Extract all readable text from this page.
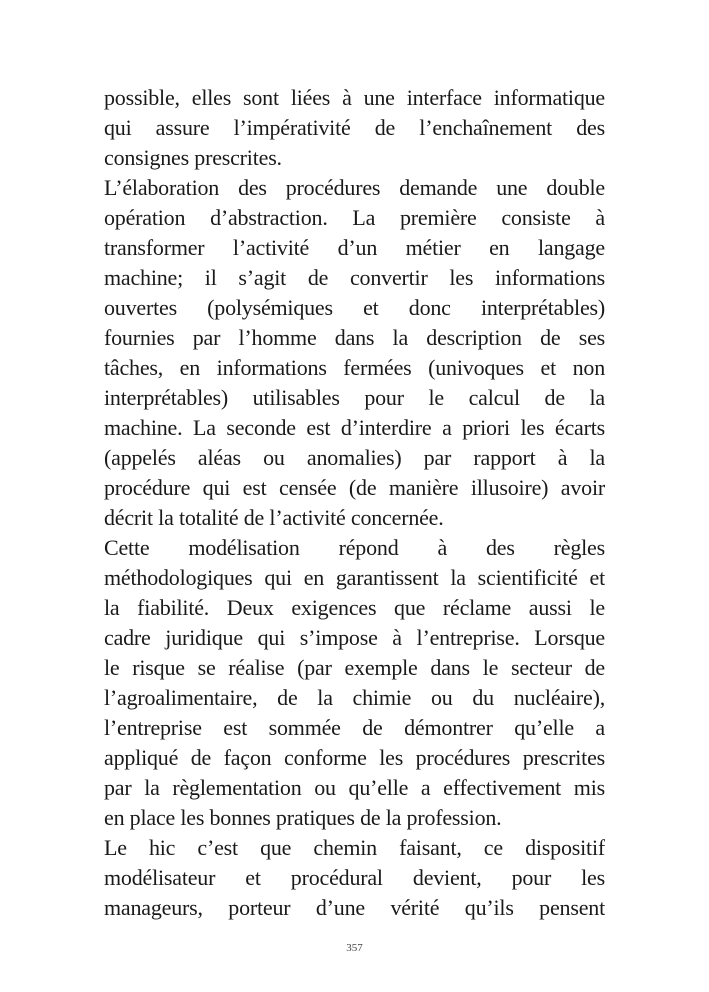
possible, elles sont liées à une interface informatique
qui assure l’impérativité de l’enchaînement des
consignes prescrites.
L’élaboration des procédures demande une double
opération d’abstraction. La première consiste à
transformer l’activité d’un métier en langage
machine; il s’agit de convertir les informations
ouvertes (polysémiques et donc interprétables)
fournies par l’homme dans la description de ses
tâches, en informations fermées (univoques et non
interprétables) utilisables pour le calcul de la
machine. La seconde est d’interdire a priori les écarts
(appelés aléas ou anomalies) par rapport à la
procédure qui est censée (de manière illusoire) avoir
décrit la totalité de l’activité concernée.
Cette modélisation répond à des règles
méthodologiques qui en garantissent la scientificité et
la fiabilité. Deux exigences que réclame aussi le
cadre juridique qui s’impose à l’entreprise. Lorsque
le risque se réalise (par exemple dans le secteur de
l’agroalimentaire, de la chimie ou du nucléaire),
l’entreprise est sommée de démontrer qu’elle a
appliqué de façon conforme les procédures prescrites
par la règlementation ou qu’elle a effectivement mis
en place les bonnes pratiques de la profession.
Le hic c’est que chemin faisant, ce dispositif
modélisateur et procédural devient, pour les
manageurs, porteur d’une vérité qu’ils pensent
357
